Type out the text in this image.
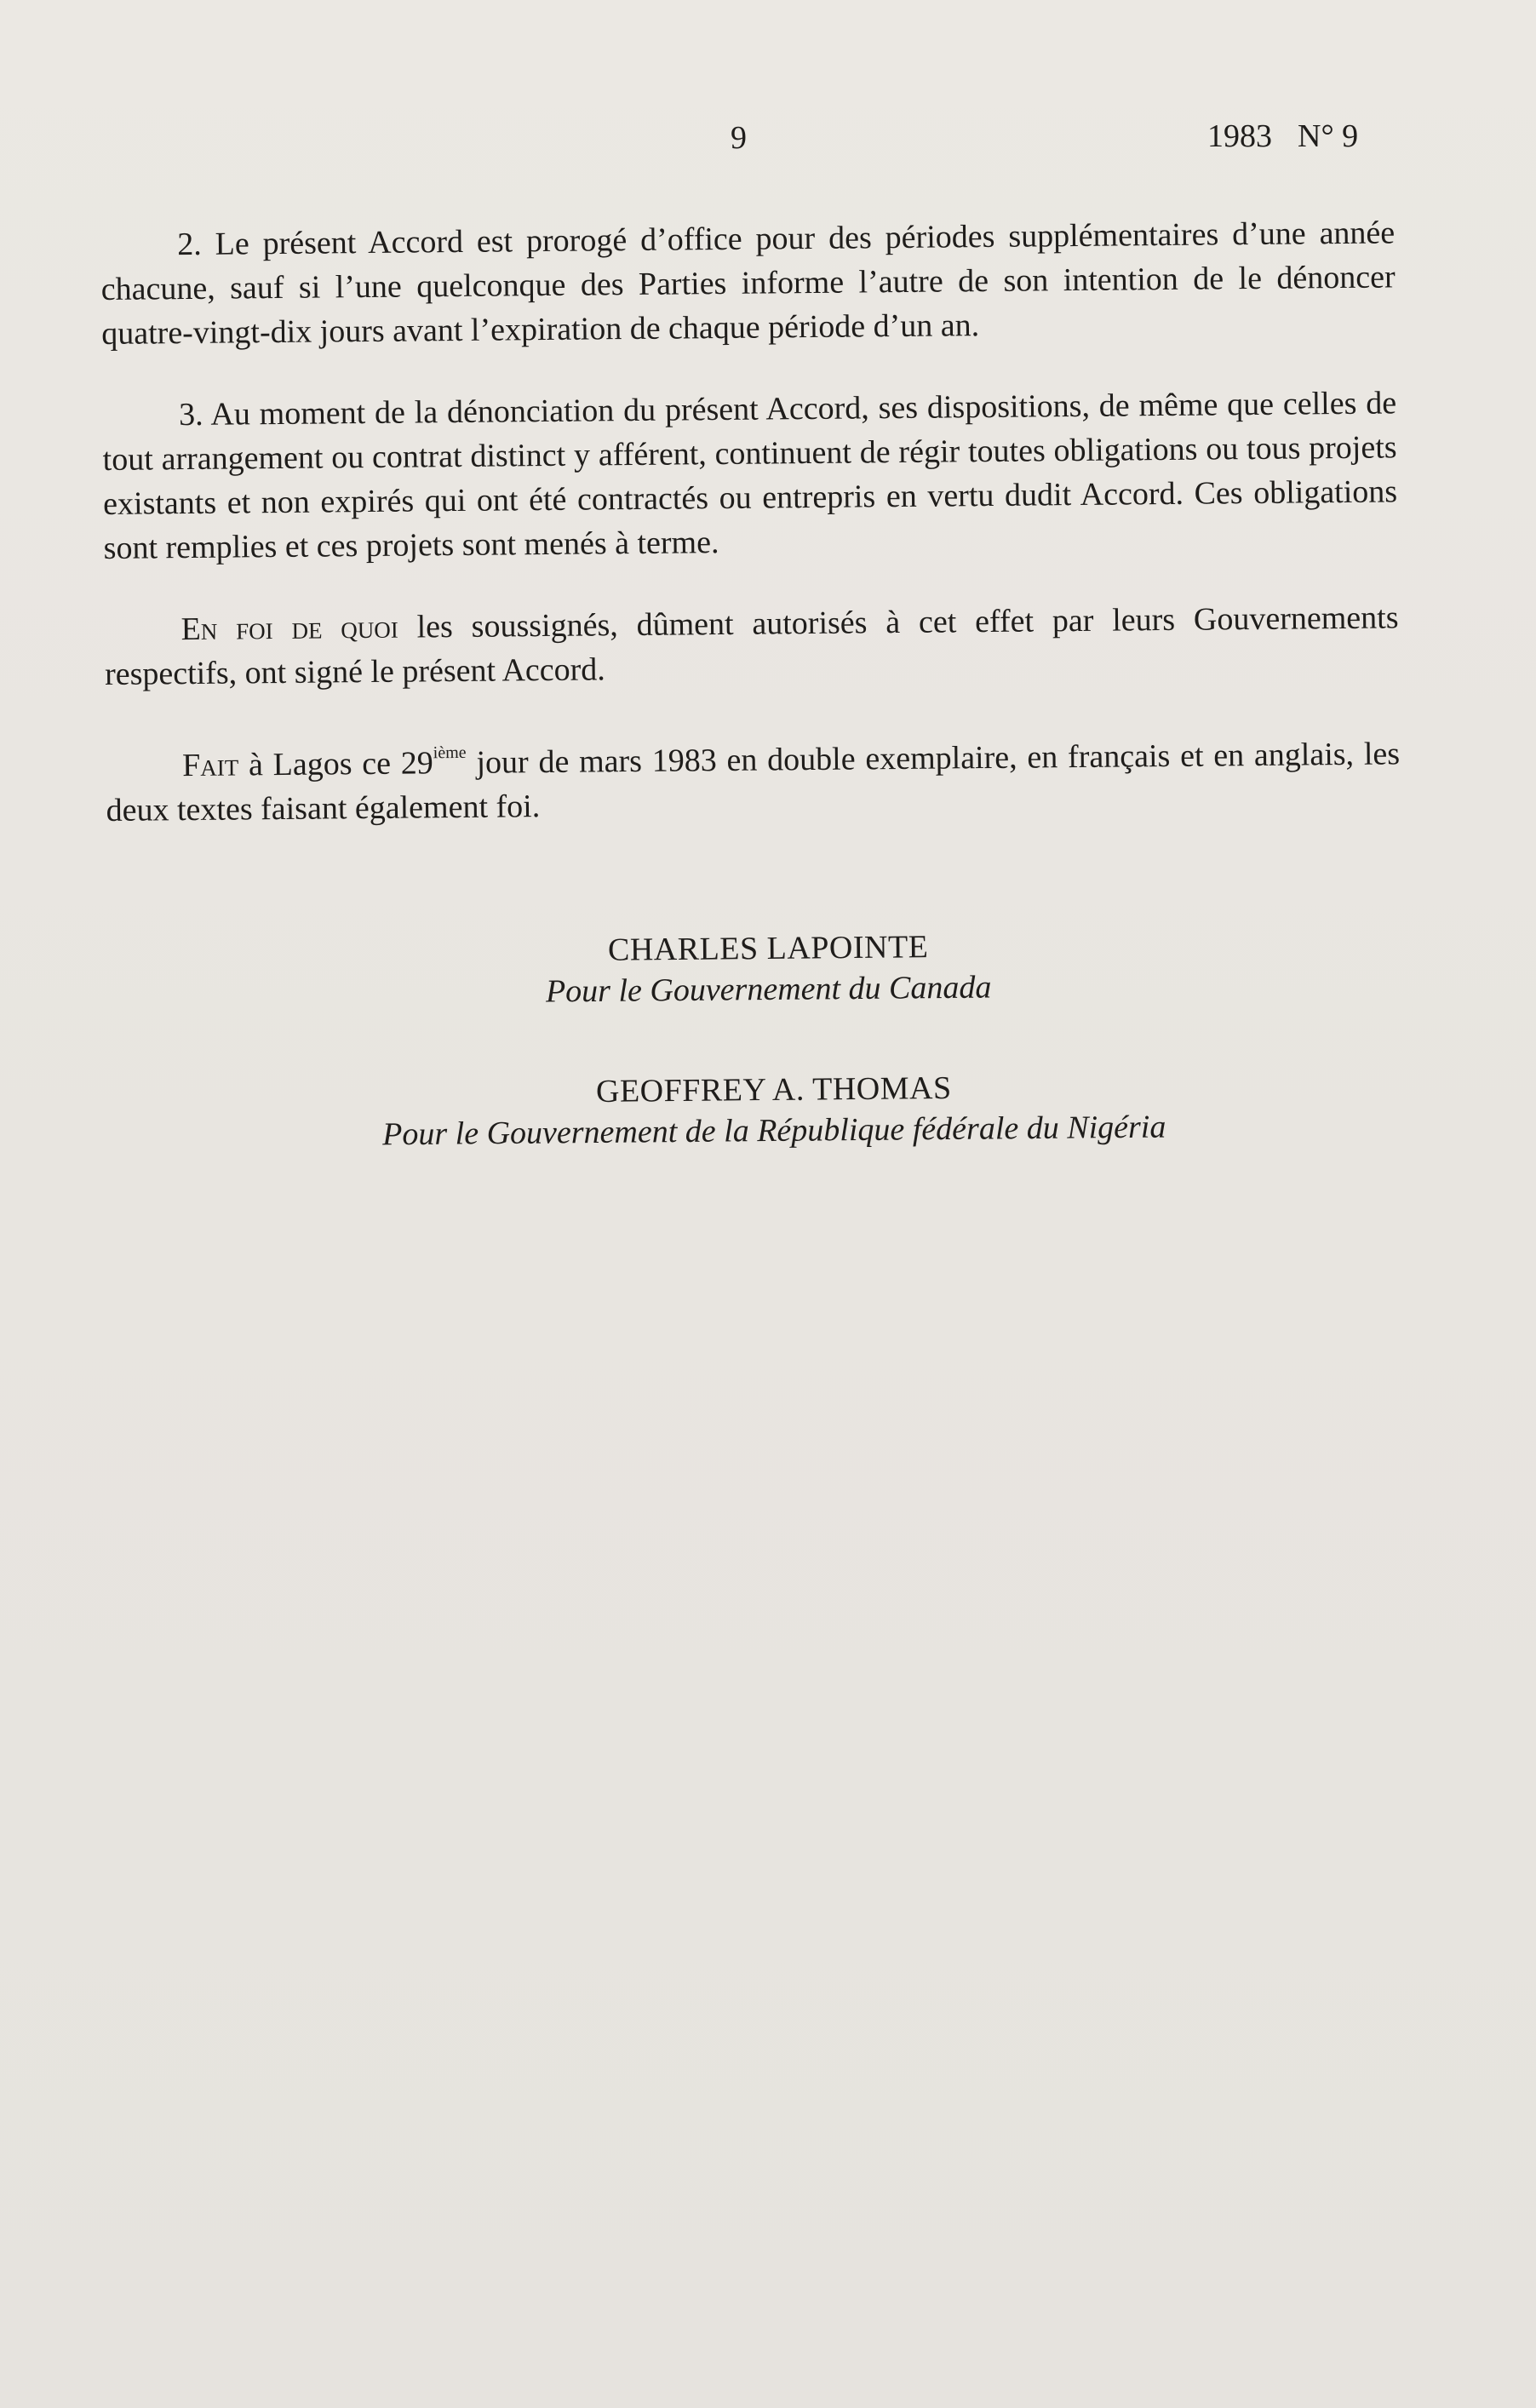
9	1983 N° 9

2. Le présent Accord est prorogé d’office pour des périodes supplémentaires d’une année chacune, sauf si l’une quelconque des Parties informe l’autre de son intention de le dénoncer quatre-vingt-dix jours avant l’expiration de chaque période d’un an.

3. Au moment de la dénonciation du présent Accord, ses dispositions, de même que celles de tout arrangement ou contrat distinct y afférent, continuent de régir toutes obligations ou tous projets existants et non expirés qui ont été contractés ou entrepris en vertu dudit Accord. Ces obligations sont remplies et ces projets sont menés à terme.

En foi de quoi les soussignés, dûment autorisés à cet effet par leurs Gouvernements respectifs, ont signé le présent Accord.

Fait à Lagos ce 29ième jour de mars 1983 en double exemplaire, en français et en anglais, les deux textes faisant également foi.

CHARLES LAPOINTE
Pour le Gouvernement du Canada
GEOFFREY A. THOMAS
Pour le Gouvernement de la République fédérale du Nigéria
